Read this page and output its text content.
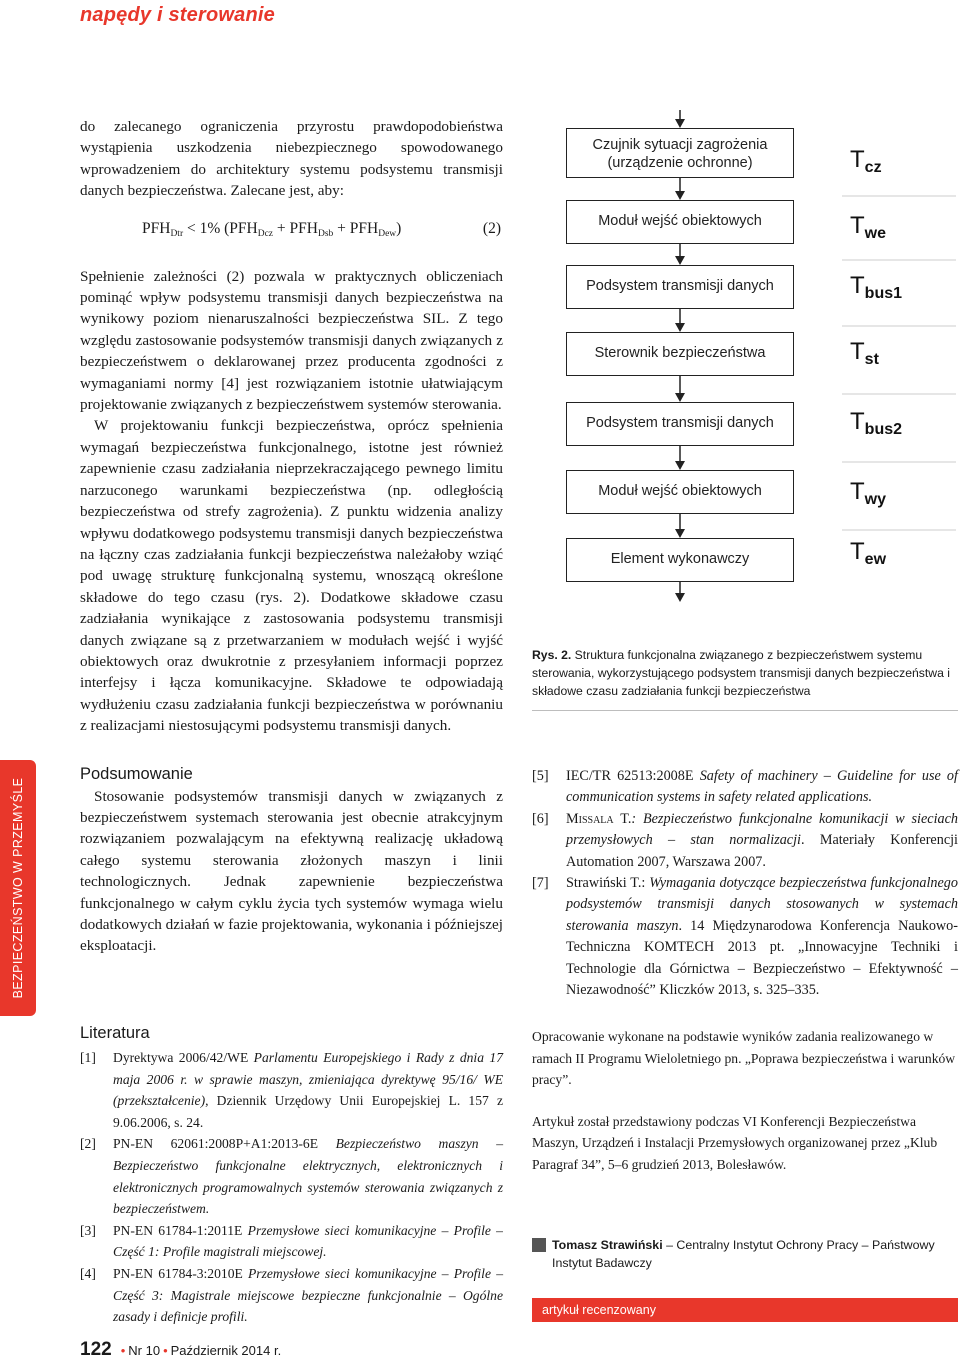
napędy i sterowanie
BEZPIECZEŃSTWO W PRZEMYŚLE

do zalecanego ograniczenia przyrostu prawdopodobieństwa wystąpienia uszkodzenia niebezpiecznego spowodowanego wprowadzeniem do architektury systemu podsystemu transmisji danych bezpieczeństwa. Zalecane jest, aby:

$PFH_{Dtr} < 1\%$ $(PFH_{Dcz} + PFH_{Dsb} + PFH_{Dew})$	(2)

Spełnienie zależności (2) pozwala w praktycznych obliczeniach pominąć wpływ podsystemu transmisji danych bezpieczeństwa na wynikowy poziom nienaruszalności bezpieczeństwa SIL. Z tego względu zastosowanie podsystemów transmisji danych związanych z bezpieczeństwem o deklarowanej przez producenta zgodności z wymaganiami normy [4] jest rozwiązaniem istotnie ułatwiającym projektowanie związanych z bezpieczeństwem systemów sterowania.

W projektowaniu funkcji bezpieczeństwa, oprócz spełnienia wymagań bezpieczeństwa funkcjonalnego, istotne jest również zapewnienie czasu zadziałania nieprzekraczającego pewnego limitu narzuconego warunkami bezpieczeństwa (np. odległością bezpieczeństwa od strefy zagrożenia). Z punktu widzenia analizy wpływu dodatkowego podsystemu transmisji danych bezpieczeństwa na łączny czas zadziałania funkcji bezpieczeństwa należałoby wziąć pod uwagę strukturę funkcjonalną systemu, wnoszącą określone składowe do tego czasu (rys. 2). Dodatkowe składowe czasu zadziałania wynikające z zastosowania podsystemu transmisji danych związane są z przetwarzaniem w modułach wejść i wyjść obiektowych oraz dwukrotnie z przesyłaniem informacji poprzez interfejsy i łącza komunikacyjne. Składowe te odpowiadają wydłużeniu czasu zadziałania funkcji bezpieczeństwa w porównaniu z realizacjami niestosującymi podsystemu transmisji danych.

Podsumowanie

Stosowanie podsystemów transmisji danych w związanych z bezpieczeństwem systemach sterowania jest obecnie atrakcyjnym rozwiązaniem pozwalającym na efektywną realizację układową całego systemu sterowania złożonych maszyn i linii technologicznych. Jednak zapewnienie bezpieczeństwa funkcjonalnego w całym cyklu życia tych systemów wymaga wielu dodatkowych działań w fazie projektowania, wykonania i późniejszej eksploatacji.

Literatura

[1] Dyrektywa 2006/42/WE Parlamentu Europejskiego i Rady z dnia 17 maja 2006 r. w sprawie maszyn, zmieniająca dyrektywę 95/16/ WE (przekształcenie), Dziennik Urzędowy Unii Europejskiej L. 157 z 9.06.2006, s. 24.

[2] PN-EN 62061:2008P+A1:2013-6E Bezpieczeństwo maszyn – Bezpieczeństwo funkcjonalne elektrycznych, elektronicznych i elektronicznych programowalnych systemów sterowania związanych z bezpieczeństwem.

[3] PN-EN 61784-1:2011E Przemysłowe sieci komunikacyjne – Profile – Część 1: Profile magistrali miejscowej.

[4] PN-EN 61784-3:2010E Przemysłowe sieci komunikacyjne – Profile – Część 3: Magistrale miejscowe bezpieczne funkcjonalnie – Ogólne zasady i definicje profili.

Czujnik sytuacji zagrożenia
(urządzenie ochronne)
Moduł wejść obiektowych
Podsystem transmisji danych
Sterownik bezpieczeństwa
Podsystem transmisji danych
Moduł wejść obiektowych
Element wykonawczy
$T_{cz}$
$T_{we}$
$T_{bus1}$
$T_{st}$
$T_{bus2}$
$T_{wy}$
$T_{ew}$
Rys. 2. Struktura funkcjonalna związanego z bezpieczeństwem systemu sterowania, wykorzystującego podsystem transmisji danych bezpieczeństwa i składowe czasu zadziałania funkcji bezpieczeństwa

[5] IEC/TR 62513:2008E Safety of machinery – Guideline for use of communication systems in safety related applications.

[6] Missala T.: Bezpieczeństwo funkcjonalne komunikacji w sieciach przemysłowych – stan normalizacji. Materiały Konferencji Automation 2007, Warszawa 2007.

[7] Strawiński T.: Wymagania dotyczące bezpieczeństwa funkcjonalnego podsystemów transmisji danych stosowanych w systemach sterowania maszyn. 14 Międzynarodowa Konferencja Naukowo-Techniczna KOMTECH 2013 pt. „Innowacyjne Techniki i Technologie dla Górnictwa – Bezpieczeństwo – Efektywność – Niezawodność” Kliczków 2013, s. 325–335.

Opracowanie wykonane na podstawie wyników zadania realizowanego w ramach II Programu Wieloletniego pn. „Poprawa bezpieczeństwa i warunków pracy”.

Artykuł został przedstawiony podczas VI Konferencji Bezpieczeństwa Maszyn, Urządzeń i Instalacji Przemysłowych organizowanej przez „Klub Paragraf 34”, 5–6 grudzień 2013, Bolesławów.

Tomasz Strawiński – Centralny Instytut Ochrony Pracy – Państwowy Instytut Badawczy
artykuł recenzowany
122 • Nr 10 • Październik 2014 r.
